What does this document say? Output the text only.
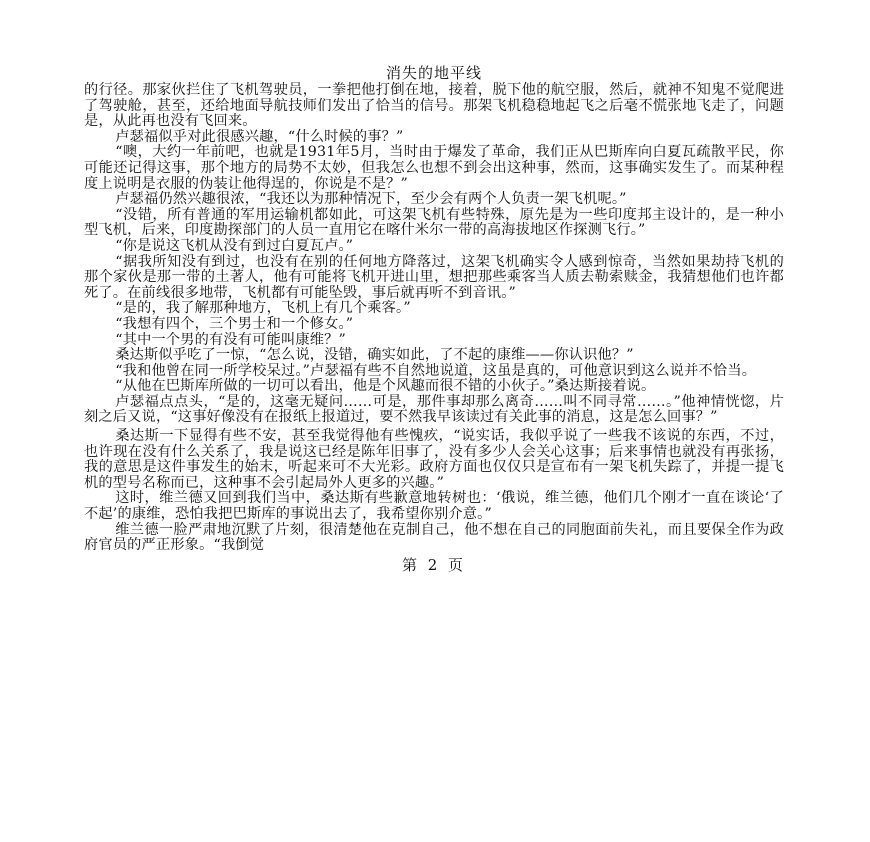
消失的地平线

的行径。那家伙拦住了飞机驾驶员，一拳把他打倒在地，接着，脱下他的航空服，然后，就神不知鬼不觉爬进了驾驶舱，甚至，还给地面导航技师们发出了恰当的信号。那架飞机稳稳地起飞之后毫不慌张地飞走了，问题是，从此再也没有飞回来。

卢瑟福似乎对此很感兴趣，“什么时候的事？”

“噢，大约一年前吧，也就是1931年5月，当时由于爆发了革命，我们正从巴斯库向白夏瓦疏散平民，你可能还记得这事，那个地方的局势不太妙，但我怎么也想不到会出这种事，然而，这事确实发生了。而某种程度上说明是衣服的伪装让他得逞的，你说是不是？”

卢瑟福仍然兴趣很浓，“我还以为那种情况下，至少会有两个人负责一架飞机呢。”

“没错，所有普通的军用运输机都如此，可这架飞机有些特殊，原先是为一些印度邦主设计的，是一种小型飞机，后来，印度勘探部门的人员一直用它在喀什米尔一带的高海拔地区作探测飞行。”

“你是说这飞机从没有到过白夏瓦卢。”

“据我所知没有到过，也没有在别的任何地方降落过，这架飞机确实令人感到惊奇，当然如果劫持飞机的那个家伙是那一带的土著人，他有可能将飞机开进山里，想把那些乘客当人质去勒索赎金，我猜想他们也许都死了。在前线很多地带，飞机都有可能坠毁，事后就再听不到音讯。”

“是的，我了解那种地方，飞机上有几个乘客。”

“我想有四个，三个男士和一个修女。”

“其中一个男的有没有可能叫康维？”

桑达斯似乎吃了一惊，“怎么说，没错，确实如此，了不起的康维——你认识他？”

“我和他曾在同一所学校呆过。”卢瑟福有些不自然地说道，这虽是真的，可他意识到这么说并不恰当。

“从他在巴斯库所做的一切可以看出，他是个风趣而很不错的小伙子。”桑达斯接着说。

卢瑟福点点头，“是的，这毫无疑问……可是，那件事却那么离奇……叫不同寻常……。”他神情恍惚，片刻之后又说，“这事好像没有在报纸上报道过，要不然我早该读过有关此事的消息，这是怎么回事？”

桑达斯一下显得有些不安，甚至我觉得他有些愧疚，“说实话，我似乎说了一些我不该说的东西，不过，也许现在没有什么关系了，我是说这已经是陈年旧事了，没有多少人会关心这事；后来事情也就没有再张扬，我的意思是这件事发生的始末，听起来可不大光彩。政府方面也仅仅只是宣布有一架飞机失踪了，并提一提飞机的型号名称而已，这种事不会引起局外人更多的兴趣。”

这时，维兰德又回到我们当中，桑达斯有些歉意地转树也：‘俄说，维兰德，他们几个刚才一直在谈论‘了不起’的康维，恐怕我把巴斯库的事说出去了，我希望你别介意。”

维兰德一脸严肃地沉默了片刻，很清楚他在克制自己，他不想在自己的同胞面前失礼，而且要保全作为政府官员的严正形象。“我倒觉

第 2 页
